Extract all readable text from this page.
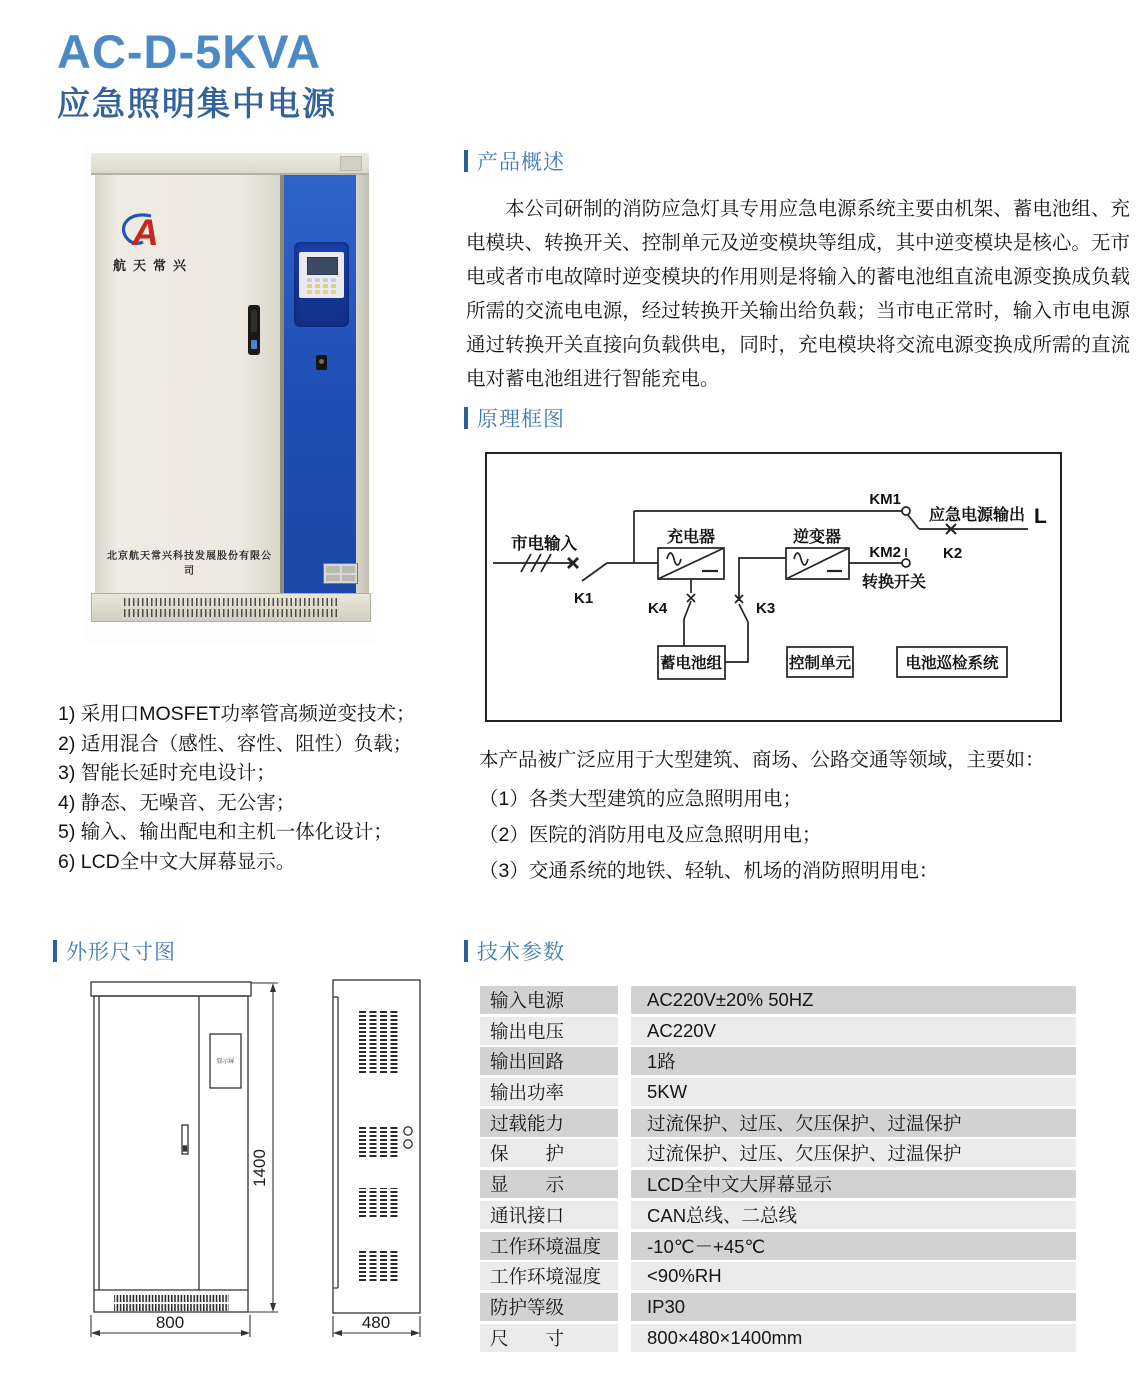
AC-D-5KVA
应急照明集中电源
产品概述
原理框图
外形尺寸图	技术参数
本公司研制的消防应急灯具专用应急电源系统主要由机架、蓄电池组、充电模块、转换开关、控制单元及逆变模块等组成，其中逆变模块是核心。无市电或者市电故障时逆变模块的作用则是将输入的蓄电池组直流电源变换成负载所需的交流电电源，经过转换开关输出给负载；当市电正常时，输入市电电源通过转换开关直接向负载供电，同时，充电模块将交流电源变换成所需的直流电对蓄电池组进行智能充电。
A
航天常兴
北京航天常兴科技发展股份有限公司
市电输入
K1
KM1
应急电源输出 L
K2
KM2
转换开关
充电器	逆变器
K4	K3
蓄电池组	控制单元	电池巡检系统
1) 采用口MOSFET功率管高频逆变技术；
2) 适用混合（感性、容性、阻性）负载；
3) 智能长延时充电设计；
4) 静态、无噪音、无公害；
5) 输入、输出配电和主机一体化设计；
6) LCD全中文大屏幕显示。
本产品被广泛应用于大型建筑、商场、公路交通等领域，主要如：
（1）各类大型建筑的应急照明用电；
（2）医院的消防用电及应急照明用电；
（3）交通系统的地铁、轻轨、机场的消防照明用电：
显示屏
1400
800	480
输入电源	AC220V±20% 50HZ
输出电压	AC220V
输出回路	1路
输出功率	5KW
过载能力	过流保护、过压、欠压保护、过温保护
保　　护	过流保护、过压、欠压保护、过温保护
显　　示	LCD全中文大屏幕显示
通讯接口	CAN总线、二总线
工作环境温度	-10℃－+45℃
工作环境湿度	<90%RH
防护等级	IP30
尺　　寸	800×480×1400mm
